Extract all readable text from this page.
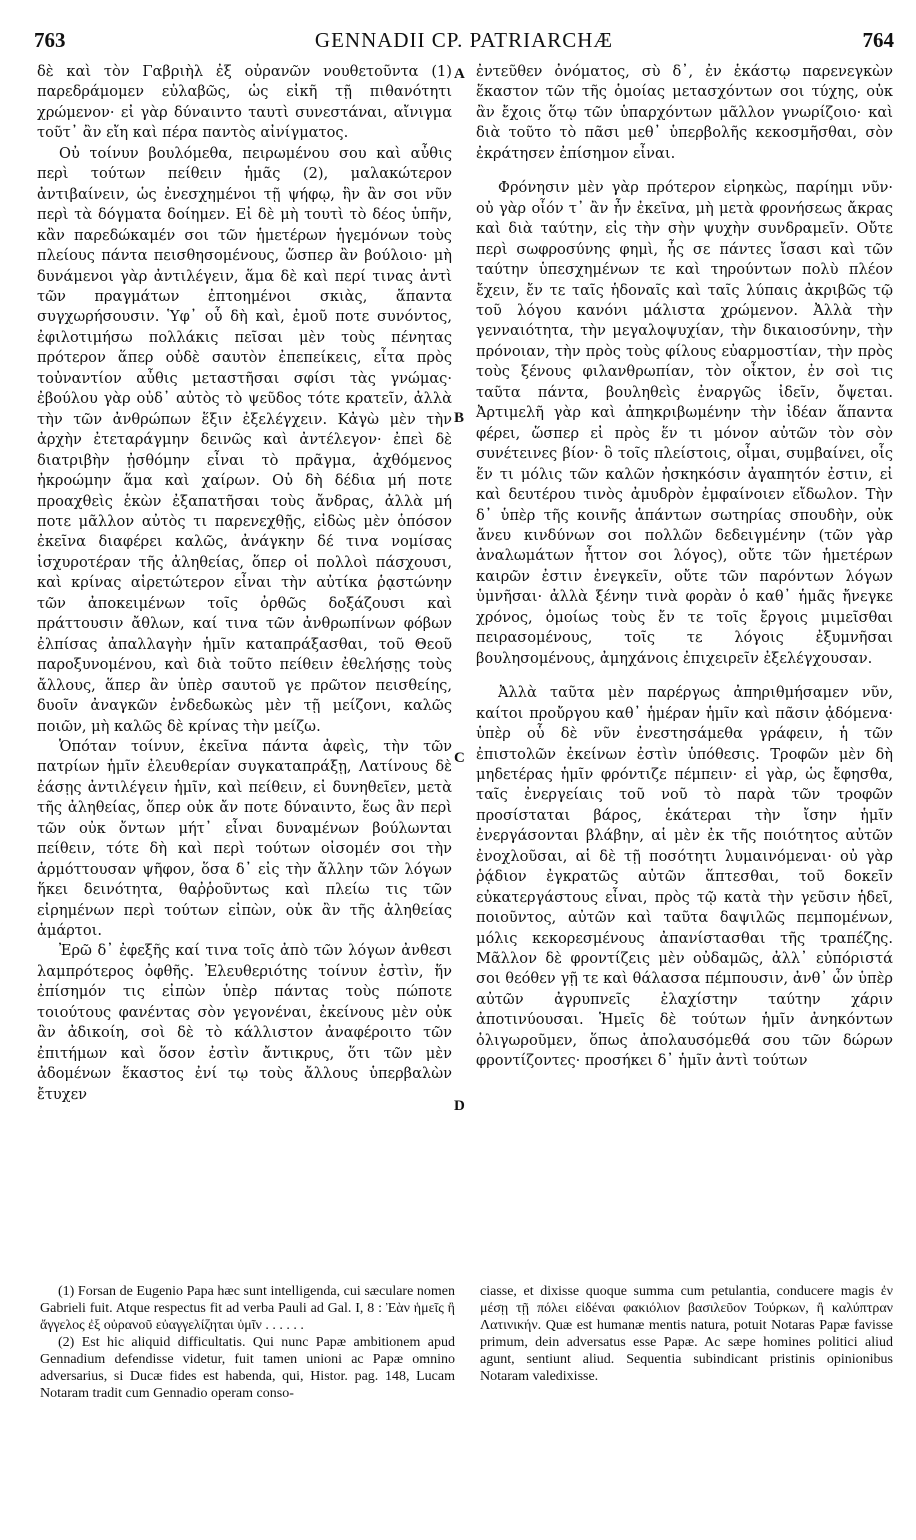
763	GENNADII CP. PATRIARCHÆ	764

δὲ καὶ τὸν Γαβριὴλ ἐξ οὐρανῶν νουθετοῦντα (1) παρεδράμομεν εὐλαβῶς, ὡς εἰκῆ τῇ πιθανότητι χρώμενον· εἰ γὰρ δύναιντο ταυτὶ συνεστάναι, αἴνιγμα τοῦτ᾽ ἂν εἴη καὶ πέρα παντὸς αἰνίγματος.

Οὐ τοίνυν βουλόμεθα, πειρωμένου σου καὶ αὖθις περὶ τούτων πείθειν ἡμᾶς (2), μαλακώτερον ἀντιβαίνειν, ὡς ἐνεσχημένοι τῇ ψήφῳ, ἣν ἂν σοι νῦν περὶ τὰ δόγματα δοίημεν. Εἰ δὲ μὴ τουτὶ τὸ δέος ὑπῆν, κἂν παρεδώκαμέν σοι τῶν ἡμετέρων ἡγεμόνων τοὺς πλείους πάντα πεισθησομένους, ὥσπερ ἂν βούλοιο· μὴ δυνάμενοι γὰρ ἀντιλέγειν, ἅμα δὲ καὶ περί τινας ἀντὶ τῶν πραγμάτων ἐπτοημένοι σκιὰς, ἅπαντα συγχωρήσουσιν. Ὑφ᾽ οὗ δὴ καὶ, ἐμοῦ ποτε συνόντος, ἐφιλοτιμήσω πολλάκις πεῖσαι μὲν τοὺς πένητας πρότερον ἅπερ οὐδὲ σαυτὸν ἐπεπείκεις, εἶτα πρὸς τοὐναντίον αὖθις μεταστῆσαι σφίσι τὰς γνώμας· ἐβούλου γὰρ οὐδ᾽ αὐτὸς τὸ ψεῦδος τότε κρατεῖν, ἀλλὰ τὴν τῶν ἀνθρώπων ἕξιν ἐξελέγχειν. Κἀγὼ μὲν τὴν ἀρχὴν ἐτεταράγμην δεινῶς καὶ ἀντέλεγον· ἐπεὶ δὲ διατριβὴν ᾐσθόμην εἶναι τὸ πρᾶγμα, ἀχθόμενος ἠκροώμην ἅμα καὶ χαίρων. Οὐ δὴ δέδια μή ποτε προαχθεὶς ἑκὼν ἐξαπατῆσαι τοὺς ἄνδρας, ἀλλὰ μή ποτε μᾶλλον αὐτὸς τι παρενεχθῇς, εἰδὼς μὲν ὁπόσον ἐκεῖνα διαφέρει καλῶς, ἀνάγκην δέ τινα νομίσας ἰσχυροτέραν τῆς ἀληθείας, ὅπερ οἱ πολλοὶ πάσχουσι, καὶ κρίνας αἱρετώτερον εἶναι τὴν αὐτίκα ῥᾳστώνην τῶν ἀποκειμένων τοῖς ὀρθῶς δοξάζουσι καὶ πράττουσιν ἄθλων, καί τινα τῶν ἀνθρωπίνων φόβων ἐλπίσας ἀπαλλαγὴν ἡμῖν καταπράξασθαι, τοῦ Θεοῦ παροξυνομένου, καὶ διὰ τοῦτο πείθειν ἐθελήσῃς τοὺς ἄλλους, ἅπερ ἂν ὑπὲρ σαυτοῦ γε πρῶτον πεισθείης, δυοῖν ἀναγκῶν ἐνδεδωκὼς μὲν τῇ μείζονι, καλῶς ποιῶν, μὴ καλῶς δὲ κρίνας τὴν μείζω.

Ὁπόταν τοίνυν, ἐκεῖνα πάντα ἀφεὶς, τὴν τῶν πατρίων ἡμῖν ἐλευθερίαν συγκαταπράξῃ, Λατίνους δὲ ἐάσῃς ἀντιλέγειν ἡμῖν, καὶ πείθειν, εἰ δυνηθεῖεν, μετὰ τῆς ἀληθείας, ὅπερ οὐκ ἄν ποτε δύναιντο, ἕως ἂν περὶ τῶν οὐκ ὄντων μήτ᾽ εἶναι δυναμένων βούλωνται πείθειν, τότε δὴ καὶ περὶ τούτων οἰσομέν σοι τὴν ἁρμόττουσαν ψῆφον, ὅσα δ᾽ εἰς τὴν ἄλλην τῶν λόγων ἥκει δεινότητα, θαῤῥοῦντως καὶ πλείω τις τῶν εἰρημένων περὶ τούτων εἰπὼν, οὐκ ἂν τῆς ἀληθείας ἁμάρτοι.

Ἐρῶ δ᾽ ἐφεξῆς καί τινα τοῖς ἀπὸ τῶν λόγων ἀνθεσι λαμπρότερος ὀφθῆς. Ἐλευθεριότης τοίνυν ἐστὶν, ἥν ἐπίσημόν τις εἰπὼν ὑπὲρ πάντας τοὺς πώποτε τοιούτους φανέντας σὸν γεγονέναι, ἐκείνους μὲν οὐκ ἂν ἀδικοίη, σοὶ δὲ τὸ κάλλιστον ἀναφέροιτο τῶν ἐπιτήμων καὶ ὅσον ἐστὶν ἄντικρυς, ὅτι τῶν μὲν ἀδομένων ἕκαστος ἐνί τῳ τοὺς ἄλλους ὑπερβαλὼν ἔτυχεν

A
B
C
D

ἐντεῦθεν ὀνόματος, σὺ δ᾽, ἐν ἑκάστῳ παρενεγκὼν ἕκαστον τῶν τῆς ὁμοίας μετασχόντων σοι τύχης, οὐκ ἂν ἔχοις ὅτῳ τῶν ὑπαρχόντων μᾶλλον γνωρίζοιο· καὶ διὰ τοῦτο τὸ πᾶσι μεθ᾽ ὑπερβολῆς κεκοσμῆσθαι, σὸν ἐκράτησεν ἐπίσημον εἶναι.

Φρόνησιν μὲν γὰρ πρότερον εἰρηκὼς, παρίημι νῦν· οὐ γὰρ οἷόν τ᾽ ἂν ἦν ἐκεῖνα, μὴ μετὰ φρονήσεως ἄκρας καὶ διὰ ταύτην, εἰς τὴν σὴν ψυχὴν συνδραμεῖν. Οὔτε περὶ σωφροσύνης φημὶ, ἧς σε πάντες ἴσασι καὶ τῶν ταύτην ὑπεσχημένων τε καὶ τηρούντων πολὺ πλέον ἔχειν, ἔν τε ταῖς ἡδοναῖς καὶ ταῖς λύπαις ἀκριβῶς τῷ τοῦ λόγου κανόνι μάλιστα χρώμενον. Ἀλλὰ τὴν γενναιότητα, τὴν μεγαλοψυχίαν, τὴν δικαιοσύνην, τὴν πρόνοιαν, τὴν πρὸς τοὺς φίλους εὐαρμοστίαν, τὴν πρὸς τοὺς ξένους φιλανθρωπίαν, τὸν οἶκτον, ἐν σοὶ τις ταῦτα πάντα, βουληθεὶς ἐναργῶς ἰδεῖν, ὄψεται. Ἀρτιμελῆ γὰρ καὶ ἀπηκριβωμένην τὴν ἰδέαν ἅπαντα φέρει, ὥσπερ εἰ πρὸς ἕν τι μόνον αὐτῶν τὸν σὸν συνέτεινες βίον· ὃ τοῖς πλείστοις, οἶμαι, συμβαίνει, οἷς ἕν τι μόλις τῶν καλῶν ἠσκηκόσιν ἀγαπητόν ἐστιν, εἰ καὶ δευτέρου τινὸς ἀμυδρὸν ἐμφαίνοιεν εἴδωλον. Τὴν δ᾽ ὑπὲρ τῆς κοινῆς ἁπάντων σωτηρίας σπουδὴν, οὐκ ἄνευ κινδύνων σοι πολλῶν δεδειγμένην (τῶν γὰρ ἀναλωμάτων ἧττον σοι λόγος), οὔτε τῶν ἡμετέρων καιρῶν ἐστιν ἐνεγκεῖν, οὔτε τῶν παρόντων λόγων ὑμνῆσαι· ἀλλὰ ξένην τινὰ φορὰν ὁ καθ᾽ ἡμᾶς ἤνεγκε χρόνος, ὁμοίως τοὺς ἔν τε τοῖς ἔργοις μιμεῖσθαι πειρασομένους, τοῖς τε λόγοις ἐξυμνῆσαι βουλησομένους, ἀμηχάνοις ἐπιχειρεῖν ἐξελέγχουσαν.

Ἀλλὰ ταῦτα μὲν παρέργως ἀπηριθμήσαμεν νῦν, καίτοι προὔργου καθ᾽ ἡμέραν ἡμῖν καὶ πᾶσιν ᾀδόμενα· ὑπὲρ οὗ δὲ νῦν ἐνεστησάμεθα γράφειν, ἡ τῶν ἐπιστολῶν ἐκείνων ἐστὶν ὑπόθεσις. Τροφῶν μὲν δὴ μηδετέρας ἡμῖν φρόντιζε πέμπειν· εἰ γὰρ, ὡς ἔφησθα, ταῖς ἐνεργείαις τοῦ νοῦ τὸ παρὰ τῶν τροφῶν προσίσταται βάρος, ἑκάτεραι τὴν ἴσην ἡμῖν ἐνεργάσονται βλάβην, αἱ μὲν ἐκ τῆς ποιότητος αὐτῶν ἐνοχλοῦσαι, αἱ δὲ τῇ ποσότητι λυμαινόμεναι· οὐ γὰρ ῥᾴδιον ἐγκρατῶς αὐτῶν ἅπτεσθαι, τοῦ δοκεῖν εὐκατεργάστους εἶναι, πρὸς τῷ κατὰ τὴν γεῦσιν ἡδεῖ, ποιοῦντος, αὐτῶν καὶ ταῦτα δαψιλῶς πεμπομένων, μόλις κεκορεσμένους ἀπανίστασθαι τῆς τραπέζης. Μᾶλλον δὲ φροντίζεις μὲν οὐδαμῶς, ἀλλ᾽ εὐπόριστά σοι θεόθεν γῇ τε καὶ θάλασσα πέμπουσιν, ἀνθ᾽ ὧν ὑπὲρ αὐτῶν ἀγρυπνεῖς ἐλαχίστην ταύτην χάριν ἀποτινύουσαι. Ἡμεῖς δὲ τούτων ἡμῖν ἀνηκόντων ὀλιγωροῦμεν, ὅπως ἀπολαυσόμεθά σου τῶν δώρων φροντίζοντες· προσήκει δ᾽ ἡμῖν ἀντὶ τούτων

(1) Forsan de Eugenio Papa hæc sunt intelligenda, cui sæculare nomen Gabrieli fuit. Atque respectus fit ad verba Pauli ad Gal. I, 8 : Ἐὰν ἡμεῖς ἢ ἄγγελος ἐξ οὐρανοῦ εὐαγγελίζηται ὑμῖν . . . . . .

(2) Est hic aliquid difficultatis. Qui nunc Papæ ambitionem apud Gennadium defendisse videtur, fuit tamen unioni ac Papæ omnino adversarius, si Ducæ fides est habenda, qui, Histor. pag. 148, Lucam Notaram tradit cum Gennadio operam conso-

ciasse, et dixisse quoque summa cum petulantia, conducere magis ἐν μέσῃ τῇ πόλει εἰδέναι φακιόλιον βασιλεῦον Τούρκων, ἢ καλύπτραν Λατινικήν. Quæ est humanæ mentis natura, potuit Notaras Papæ favisse primum, dein adversatus esse Papæ. Ac sæpe homines politici aliud agunt, sentiunt aliud. Sequentia subindicant pristinis opinionibus Notaram valedixisse.
